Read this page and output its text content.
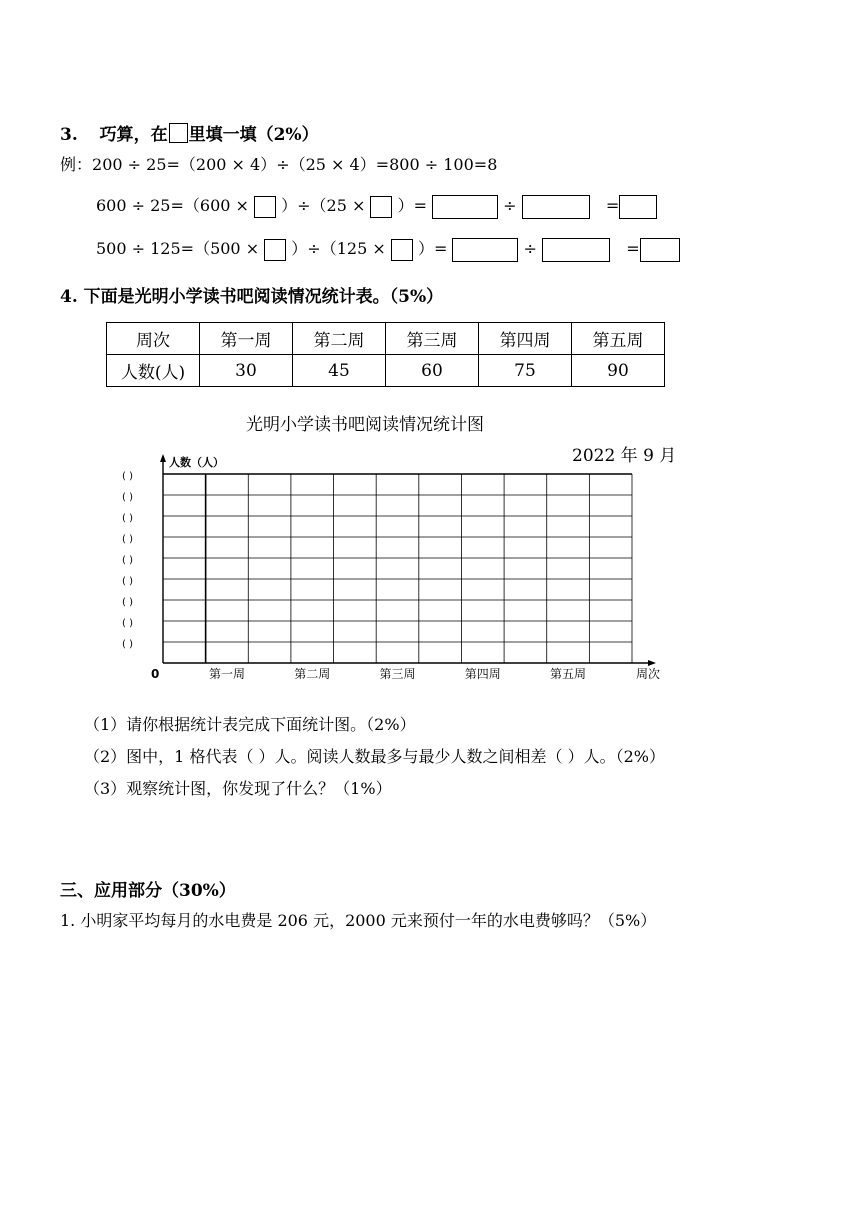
3. 巧算，在 里填一填（2%）
例：200 ÷ 25=（200 × 4）÷（25 × 4）=800 ÷ 100=8
600 ÷ 25=（600 × ）÷（25 × ）=	÷	=
500 ÷ 125=（500 × ）÷（125 × ）=	÷	=
4. 下面是光明小学读书吧阅读情况统计表。（5%）
周次	第一周	第二周	第三周	第四周	第五周
人数(人)	30	45	60	75	90
光明小学读书吧阅读情况统计图
2022 年 9 月
人数（人）
( )
( )
( )
( )
( )
( )
( )
( )
( )
0	第一周	第二周	第三周	第四周	第五周	周次
（1）请你根据统计表完成下面统计图。（2%）
（2）图中，1 格代表（ ）人。阅读人数最多与最少人数之间相差（ ）人。（2%）
（3）观察统计图，你发现了什么？（1%）
三、应用部分（30%）
1. 小明家平均每月的水电费是 206 元，2000 元来预付一年的水电费够吗？（5%）
